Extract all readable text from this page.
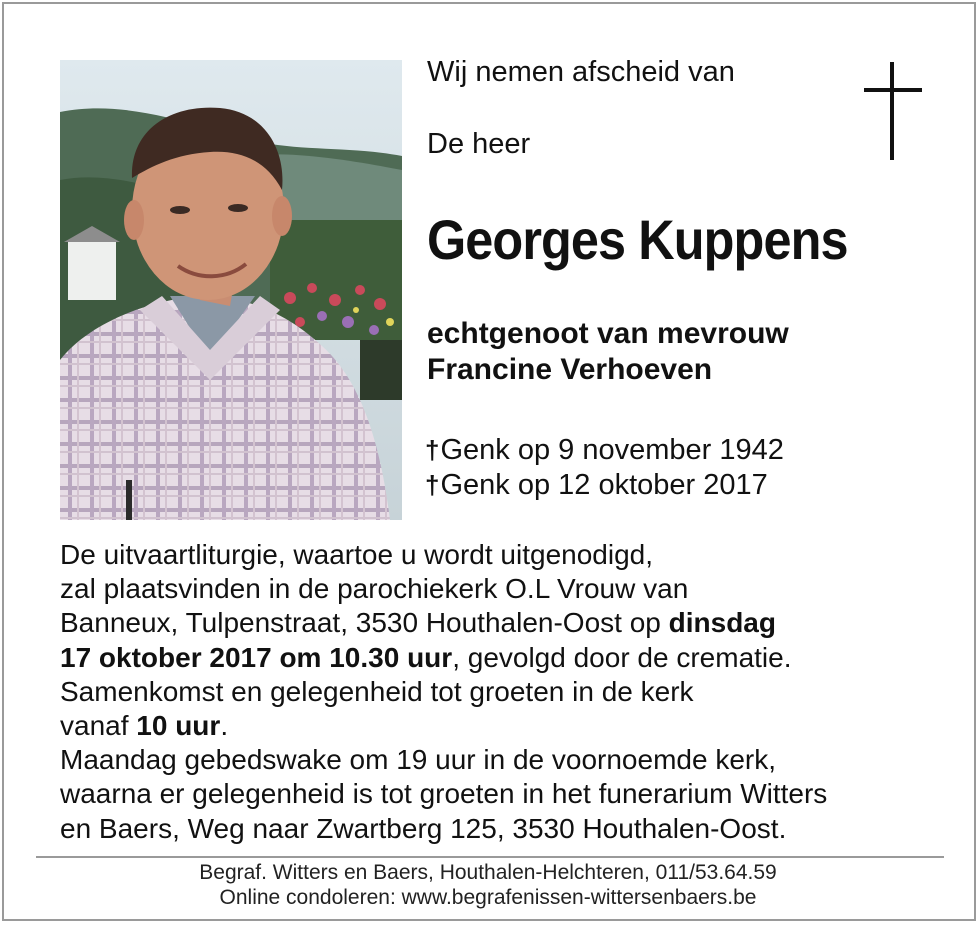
Wij nemen afscheid van
De heer
Georges Kuppens
echtgenoot van mevrouw
Francine Verhoeven
†Genk op 9 november 1942
†Genk op 12 oktober 2017
De uitvaartliturgie, waartoe u wordt uitgenodigd,
zal plaatsvinden in de parochiekerk O.L Vrouw van
Banneux, Tulpenstraat, 3530 Houthalen-Oost op dinsdag
17 oktober 2017 om 10.30 uur, gevolgd door de crematie.
Samenkomst en gelegenheid tot groeten in de kerk
vanaf 10 uur.
Maandag gebedswake om 19 uur in de voornoemde kerk,
waarna er gelegenheid is tot groeten in het funerarium Witters
en Baers, Weg naar Zwartberg 125, 3530 Houthalen-Oost.
Begraf. Witters en Baers, Houthalen-Helchteren, 011/53.64.59
Online condoleren: www.begrafenissen-wittersenbaers.be
